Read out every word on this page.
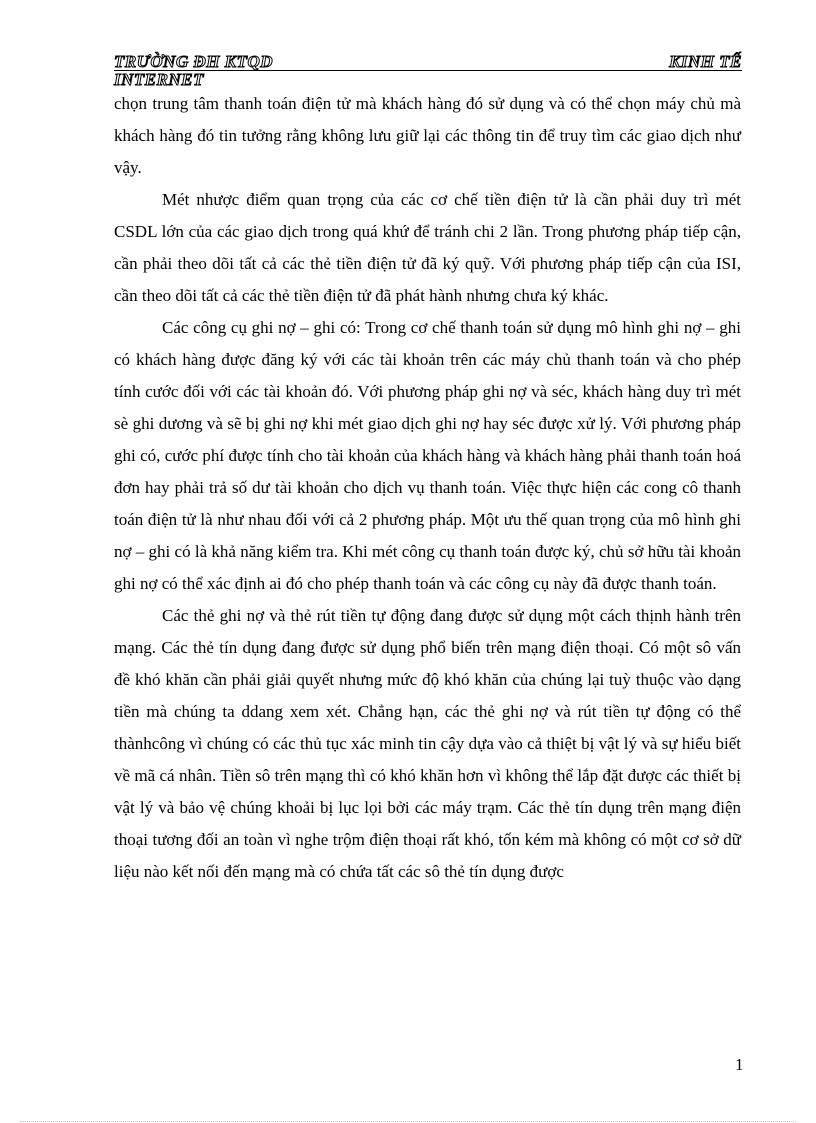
TRƯỜNG ĐH KTQD	KINH TẾ
INTERNET

chọn trung tâm thanh toán điện tử mà khách hàng đó sử dụng và có thể chọn máy chủ mà khách hàng đó tin tưởng rằng không lưu giữ lại các thông tin để truy tìm các giao dịch như vậy.

Mét nhược điểm quan trọng của các cơ chế tiền điện tử là cần phải duy trì mét CSDL lớn của các giao dịch trong quá khứ để tránh chi 2 lần. Trong phương pháp tiếp cận, cần phải theo dõi tất cả các thẻ tiền điện tử đã ký quỹ. Với phương pháp tiếp cận của ISI, cần theo dõi tất cả các thẻ tiền điện tử đã phát hành nhưng chưa ký khác.

Các công cụ ghi nợ – ghi có: Trong cơ chế thanh toán sử dụng mô hình ghi nợ – ghi có khách hàng được đăng ký với các tài khoản trên các máy chủ thanh toán và cho phép tính cước đối với các tài khoản đó. Với phương pháp ghi nợ và séc, khách hàng duy trì mét sè ghi dương và sẽ bị ghi nợ khi mét giao dịch ghi nợ hay séc được xử lý. Với phương pháp ghi có, cước phí được tính cho tài khoản của khách hàng và khách hàng phải thanh toán hoá đơn hay phải trả số dư tài khoản cho dịch vụ thanh toán. Việc thực hiện các cong cô thanh toán điện tử là như nhau đối với cả 2 phương pháp. Một ưu thế quan trọng của mô hình ghi nợ – ghi có là khả năng kiểm tra. Khi mét công cụ thanh toán được ký, chủ sở hữu tài khoản ghi nợ có thể xác định ai đó cho phép thanh toán và các công cụ này đã được thanh toán.

Các thẻ ghi nợ và thẻ rút tiền tự động đang được sử dụng một cách thịnh hành trên mạng. Các thẻ tín dụng đang được sử dụng phổ biến trên mạng điện thoại. Có một sô vấn đề khó khăn cần phải giải quyết nhưng mức độ khó khăn của chúng lại tuỳ thuộc vào dạng tiền mà chúng ta ddang xem xét. Chẳng hạn, các thẻ ghi nợ và rút tiền tự động có thể thànhcông vì chúng có các thủ tục xác minh tin cậy dựa vào cả thiệt bị vật lý và sự hiểu biết về mã cá nhân. Tiền sô trên mạng thì có khó khăn hơn vì không thể lắp đặt được các thiết bị vật lý và bảo vệ chúng khoải bị lục lọi bởi các máy trạm. Các thẻ tín dụng trên mạng điện thoại tương đối an toàn vì nghe trộm điện thoại rất khó, tốn kém mà không có một cơ sở dữ liệu nào kết nối đến mạng mà có chứa tất các sô thẻ tín dụng được

1
